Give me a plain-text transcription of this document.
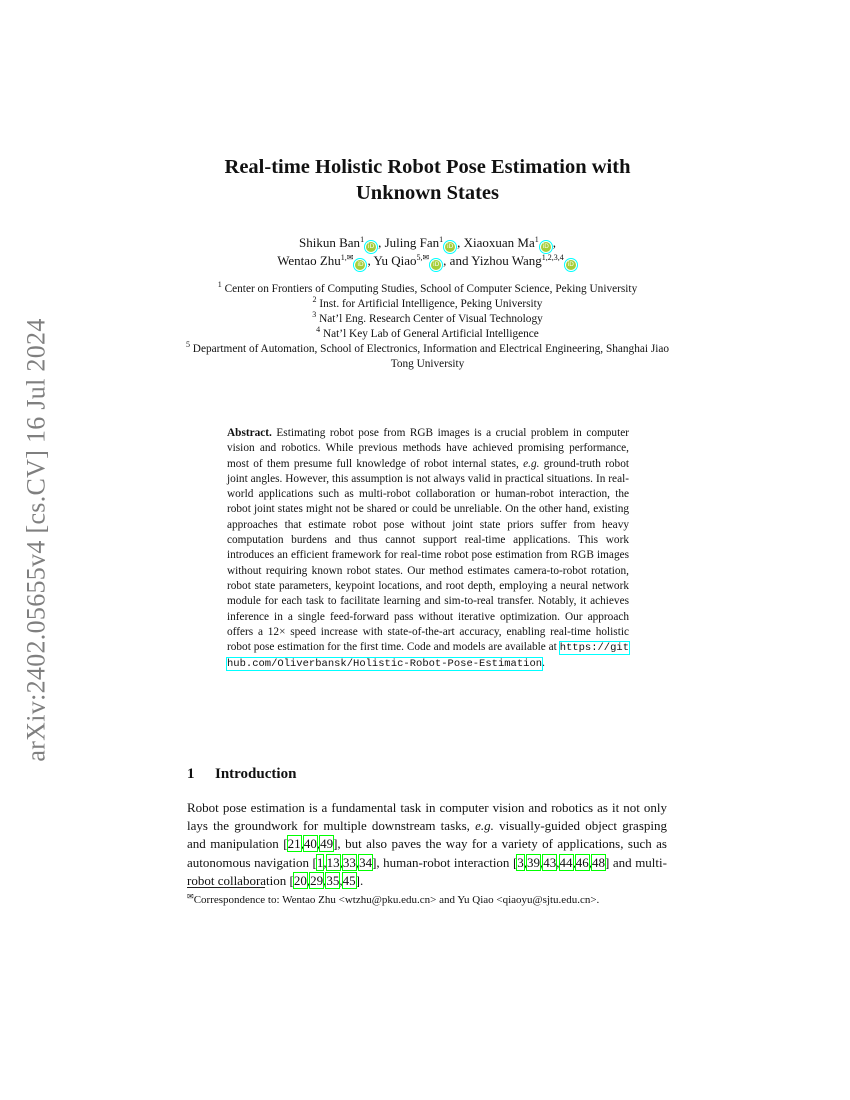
arXiv:2402.05655v4 [cs.CV] 16 Jul 2024
Real-time Holistic Robot Pose Estimation with
Unknown States
Shikun Ban$^1$iD , Juling Fan$^1$iD , Xiaoxuan Ma$^1$iD ,
Wentao Zhu$^{1,✉}$iD , Yu Qiao$^{5,✉}$iD , and Yizhou Wang$^{1,2,3,4}$iD
$^1$ Center on Frontiers of Computing Studies, School of Computer Science, Peking University
$^2$ Inst. for Artificial Intelligence, Peking University
$^3$ Nat’l Eng. Research Center of Visual Technology
$^4$ Nat’l Key Lab of General Artificial Intelligence
$^5$ Department of Automation, School of Electronics, Information and Electrical Engineering, Shanghai Jiao Tong University
Abstract. Estimating robot pose from RGB images is a crucial problem in computer vision and robotics. While previous methods have achieved promising performance, most of them presume full knowledge of robot internal states, e.g. ground-truth robot joint angles. However, this assumption is not always valid in practical situations. In real-world applications such as multi-robot collaboration or human-robot interaction, the robot joint states might not be shared or could be unreliable. On the other hand, existing approaches that estimate robot pose without joint state priors suffer from heavy computation burdens and thus cannot support real-time applications. This work introduces an efficient framework for real-time robot pose estimation from RGB images without requiring known robot states. Our method estimates camera-to-robot rotation, robot state parameters, keypoint locations, and root depth, employing a neural network module for each task to facilitate learning and sim-to-real transfer. Notably, it achieves inference in a single feed-forward pass without iterative optimization. Our approach offers a 12× speed increase with state-of-the-art accuracy, enabling real-time holistic robot pose estimation for the first time. Code and models are available at https://github.com/Oliverbansk/Holistic-Robot-Pose-Estimation.
1 Introduction
Robot pose estimation is a fundamental task in computer vision and robotics as it not only lays the groundwork for multiple downstream tasks, e.g. visually-guided object grasping and manipulation [21,40,49], but also paves the way for a variety of applications, such as autonomous navigation [1,13,33,34], human-robot interaction [3,39,43,44,46,48] and multi-robot collaboration [20,29,35,45].
✉Correspondence to: Wentao Zhu <wtzhu@pku.edu.cn> and Yu Qiao <qiaoyu@sjtu.edu.cn>.
